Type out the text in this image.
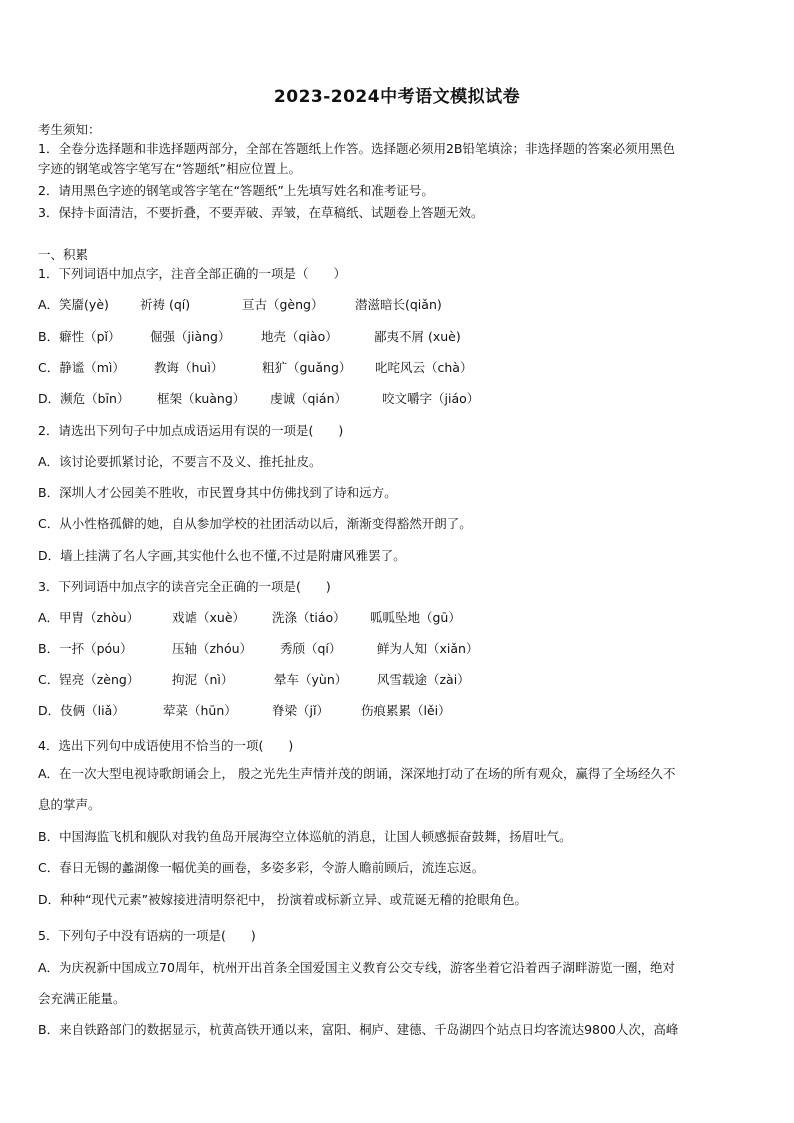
2023-2024中考语文模拟试卷
考生须知：
1．全卷分选择题和非选择题两部分，全部在答题纸上作答。选择题必须用2B铅笔填涂；非选择题的答案必须用黑色
字迹的钢笔或答字笔写在“答题纸”相应位置上。
2．请用黑色字迹的钢笔或答字笔在“答题纸”上先填写姓名和准考证号。
3．保持卡面清洁，不要折叠，不要弄破、弄皱，在草稿纸、试题卷上答题无效。
一、积累
1．下列词语中加点字，注音全部正确的一项是（　　）
A．笑靥(yè) 祈祷 (qí)	亘古（gèng）	潜滋暗长(qiǎn)
B．癖性（pǐ） 倔强（jiàng） 地壳（qiào）	鄙夷不屑 (xuè)
C．静谧（mì） 教诲（huì）	粗犷（guǎng） 叱咤风云（chà）
D．濒危（bīn） 框架（kuàng） 虔诚（qián）	咬文嚼字（jiáo）
2．请选出下列句子中加点成语运用有误的一项是(　　)
A．该讨论要抓紧讨论，不要言不及义、推托扯皮。
B．深圳人才公园美不胜收，市民置身其中仿佛找到了诗和远方。
C．从小性格孤僻的她，自从参加学校的社团活动以后，渐渐变得豁然开朗了。
D．墙上挂满了名人字画,其实他什么也不懂,不过是附庸风雅罢了。
3．下列词语中加点字的读音完全正确的一项是(　　)
A．甲胄（zhòu）	戏谑（xuè） 洗涤（tiáo） 呱呱坠地（gū）
B．一抔（póu）	压轴（zhóu） 秀颀（qí）	鲜为人知（xiǎn）
C．锃亮（zèng）	拘泥（nì）	晕车（yùn） 风雪载途（zài）
D．伎俩（liǎ）	荤菜（hūn）	脊梁（jǐ）	伤痕累累（lěi）
4．选出下列句中成语使用不恰当的一项(　　)
A．在一次大型电视诗歌朗诵会上， 殷之光先生声情并茂的朗诵，深深地打动了在场的所有观众，赢得了全场经久不
息的掌声。
B．中国海监飞机和舰队对我钓鱼岛开展海空立体巡航的消息，让国人顿感振奋鼓舞，扬眉吐气。
C．春日无锡的蠡湖像一幅优美的画卷，多姿多彩，令游人瞻前顾后，流连忘返。
D．种种“现代元素”被嫁接进清明祭祀中， 扮演着或标新立异、或荒诞无稽的抢眼角色。
5．下列句子中没有语病的一项是(　　)
A．为庆祝新中国成立70周年，杭州开出首条全国爱国主义教育公交专线，游客坐着它沿着西子湖畔游览一圈，绝对
会充满正能量。
B．来自铁路部门的数据显示，杭黄高铁开通以来，富阳、桐庐、建德、千岛湖四个站点日均客流达9800人次，高峰
